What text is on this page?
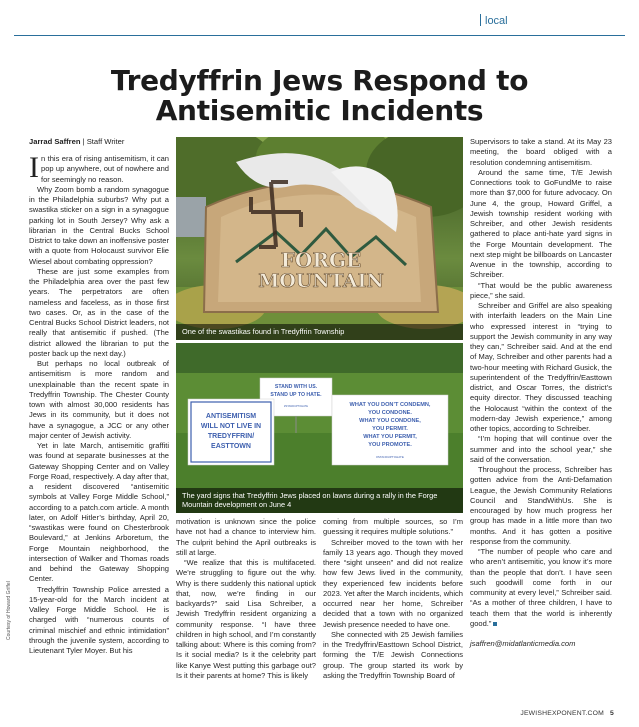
local
Tredyffrin Jews Respond to Antisemitic Incidents
Jarrad Saffren | Staff Writer

In this era of rising antisemitism, it can pop up anywhere, out of nowhere and for seemingly no reason.

Why Zoom bomb a random synagogue in the Philadelphia suburbs? Why put a swastika sticker on a sign in a synagogue parking lot in South Jersey? Why ask a librarian in the Central Bucks School District to take down an inoffensive poster with a quote from Holocaust survivor Elie Wiesel about combating oppression?

These are just some examples from the Philadelphia area over the past few years. The perpetrators are often nameless and faceless, as in those first two cases. Or, as in the case of the Central Bucks School District leaders, not really that antisemitic if pushed. (The district allowed the librarian to put the poster back up the next day.)

But perhaps no local outbreak of antisemitism is more random and unexplainable than the recent spate in Tredyffrin Township. The Chester County town with almost 30,000 residents has Jews in its community, but it does not have a synagogue, a JCC or any other major center of Jewish activity.

Yet in late March, antisemitic graffiti was found at separate businesses at the Gateway Shopping Center and on Valley Forge Road, respectively. A day after that, a resident discovered “antisemitic symbols at Valley Forge Middle School,” according to a patch.com article. A month later, on Adolf Hitler’s birthday, April 20, “swastikas were found on Chesterbrook Boulevard,” at Jenkins Arboretum, the Forge Mountain neighborhood, the intersection of Walker and Thomas roads and behind the Gateway Shopping Center.

Tredyffrin Township Police arrested a 15-year-old for the March incident at Valley Forge Middle School. He is charged with “numerous counts of criminal mischief and ethnic intimidation” through the juvenile system, according to Lieutenant Tyler Moyer. But his

FORGE
MOUNTAIN
One of the swastikas found in Tredyffrin Township
STAND WITH US.
STAND UP TO HATE.
#STANDUPTOHATE
ANTISEMITISM
WILL NOT LIVE IN
TREDYFFRIN/
EASTTOWN
WHAT YOU DON’T CONDEMN,
YOU CONDONE.
WHAT YOU CONDONE,
YOU PERMIT.
WHAT YOU PERMIT,
YOU PROMOTE.
#STANDUPTOHATE
The yard signs that Tredyffrin Jews placed on lawns during a rally in the Forge Mountain development on June 4

motivation is unknown since the police have not had a chance to interview him. The culprit behind the April outbreaks is still at large.

“We realize that this is multifaceted. We’re struggling to figure out the why. Why is there suddenly this national uptick that, now, we’re finding in our backyards?” said Lisa Schreiber, a Jewish Tredyffrin resident organizing a community response. “I have three children in high school, and I’m constantly talking about: Where is this coming from? Is it social media? Is it the celebrity part like Kanye West putting this garbage out? Is it their parents at home? This is likely

coming from multiple sources, so I’m guessing it requires multiple solutions.”

Schreiber moved to the town with her family 13 years ago. Though they moved there “sight unseen” and did not realize how few Jews lived in the community, they experienced few incidents before 2023. Yet after the March incidents, which occurred near her home, Schreiber decided that a town with no organized Jewish presence needed to have one.

She connected with 25 Jewish families in the Tredyffrin/Easttown School District, forming the T/E Jewish Connections group. The group started its work by asking the Tredyffrin Township Board of

Supervisors to take a stand. At its May 23 meeting, the board obliged with a resolution condemning antisemitism.

Around the same time, T/E Jewish Connections took to GoFundMe to raise more than $7,000 for future advocacy. On June 4, the group, Howard Griffel, a Jewish township resident working with Schreiber, and other Jewish residents gathered to place anti-hate yard signs in the Forge Mountain development. The next step might be billboards on Lancaster Avenue in the township, according to Schreiber.

“That would be the public awareness piece,” she said.

Schreiber and Griffel are also speaking with interfaith leaders on the Main Line who expressed interest in “trying to support the Jewish community in any way they can,” Schreiber said. And at the end of May, Schreiber and other parents had a two-hour meeting with Richard Gusick, the superintendent of the Tredyffrin/Easttown district, and Oscar Torres, the district’s equity director. They discussed teaching the Holocaust “within the context of the modern-day Jewish experience,” among other topics, according to Schreiber.

“I’m hoping that will continue over the summer and into the school year,” she said of the conversation.

Throughout the process, Schreiber has gotten advice from the Anti-Defamation League, the Jewish Community Relations Council and StandWithUs. She is encouraged by how much progress her group has made in a little more than two months. And it has gotten a positive response from the community.

“The number of people who care and who aren’t antisemitic, you know it’s more than the people that don’t. I have seen such goodwill come forth in our community at every level,” Schreiber said. “As a mother of three children, I have to teach them that the world is inherently good.”

jsaffren@midatlanticmedia.com

Courtesy of Howard Griffel
JEWISHEXPONENT.COM 5
